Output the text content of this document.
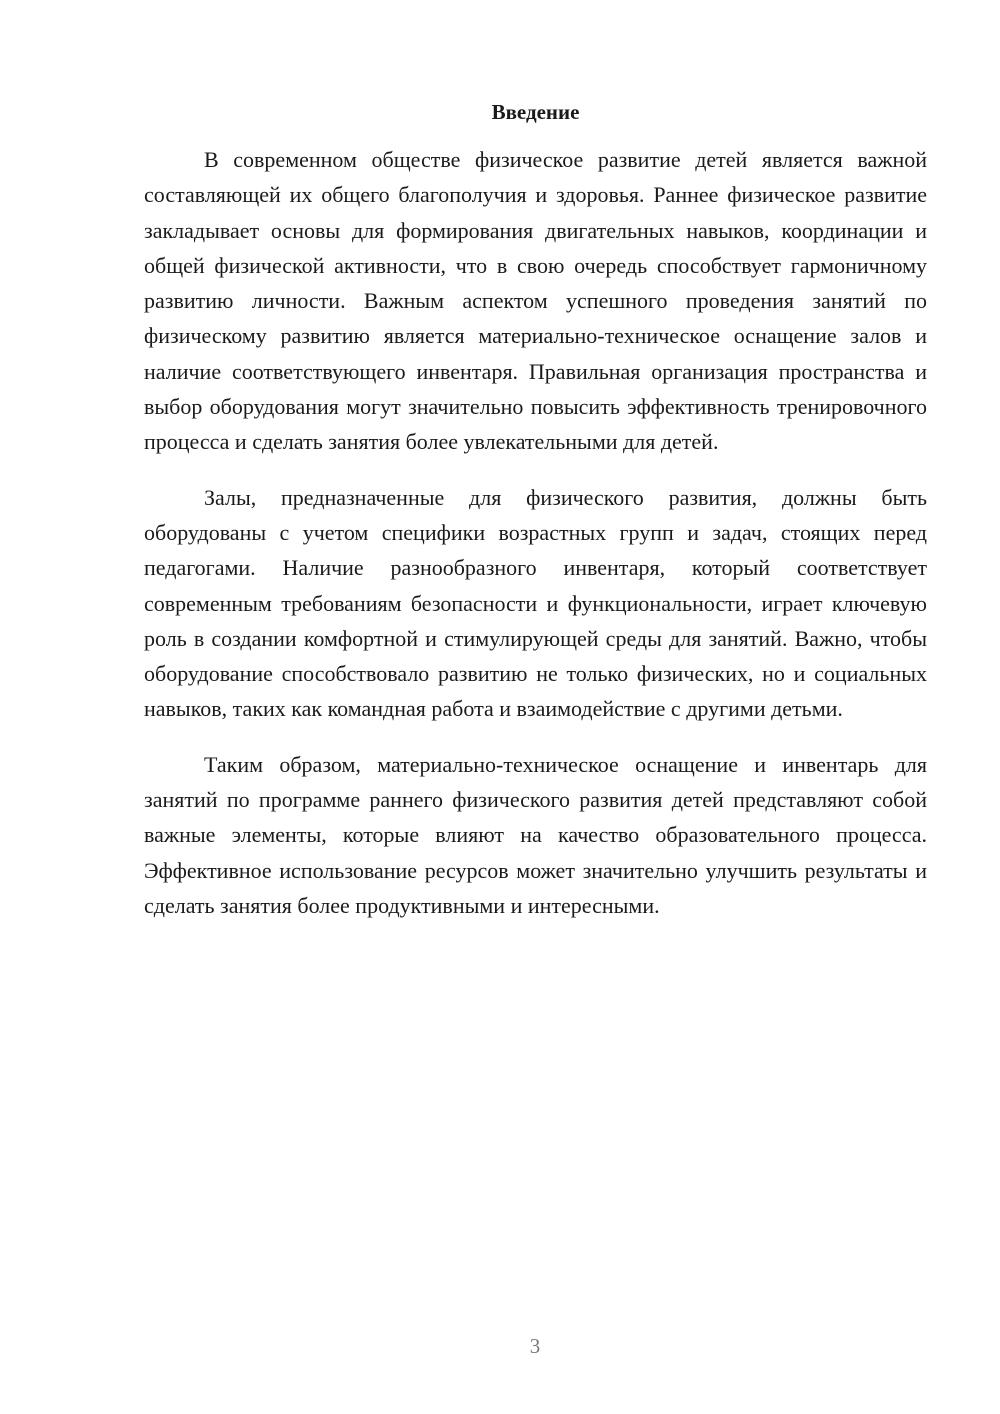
Введение

В современном обществе физическое развитие детей является важной составляющей их общего благополучия и здоровья. Раннее физическое развитие закладывает основы для формирования двигательных навыков, координации и общей физической активности, что в свою очередь способствует гармоничному развитию личности. Важным аспектом успешного проведения занятий по физическому развитию является материально-техническое оснащение залов и наличие соответствующего инвентаря. Правильная организация пространства и выбор оборудования могут значительно повысить эффективность тренировочного процесса и сделать занятия более увлекательными для детей.

Залы, предназначенные для физического развития, должны быть оборудованы с учетом специфики возрастных групп и задач, стоящих перед педагогами. Наличие разнообразного инвентаря, который соответствует современным требованиям безопасности и функциональности, играет ключевую роль в создании комфортной и стимулирующей среды для занятий. Важно, чтобы оборудование способствовало развитию не только физических, но и социальных навыков, таких как командная работа и взаимодействие с другими детьми.

Таким образом, материально-техническое оснащение и инвентарь для занятий по программе раннего физического развития детей представляют собой важные элементы, которые влияют на качество образовательного процесса. Эффективное использование ресурсов может значительно улучшить результаты и сделать занятия более продуктивными и интересными.

3
